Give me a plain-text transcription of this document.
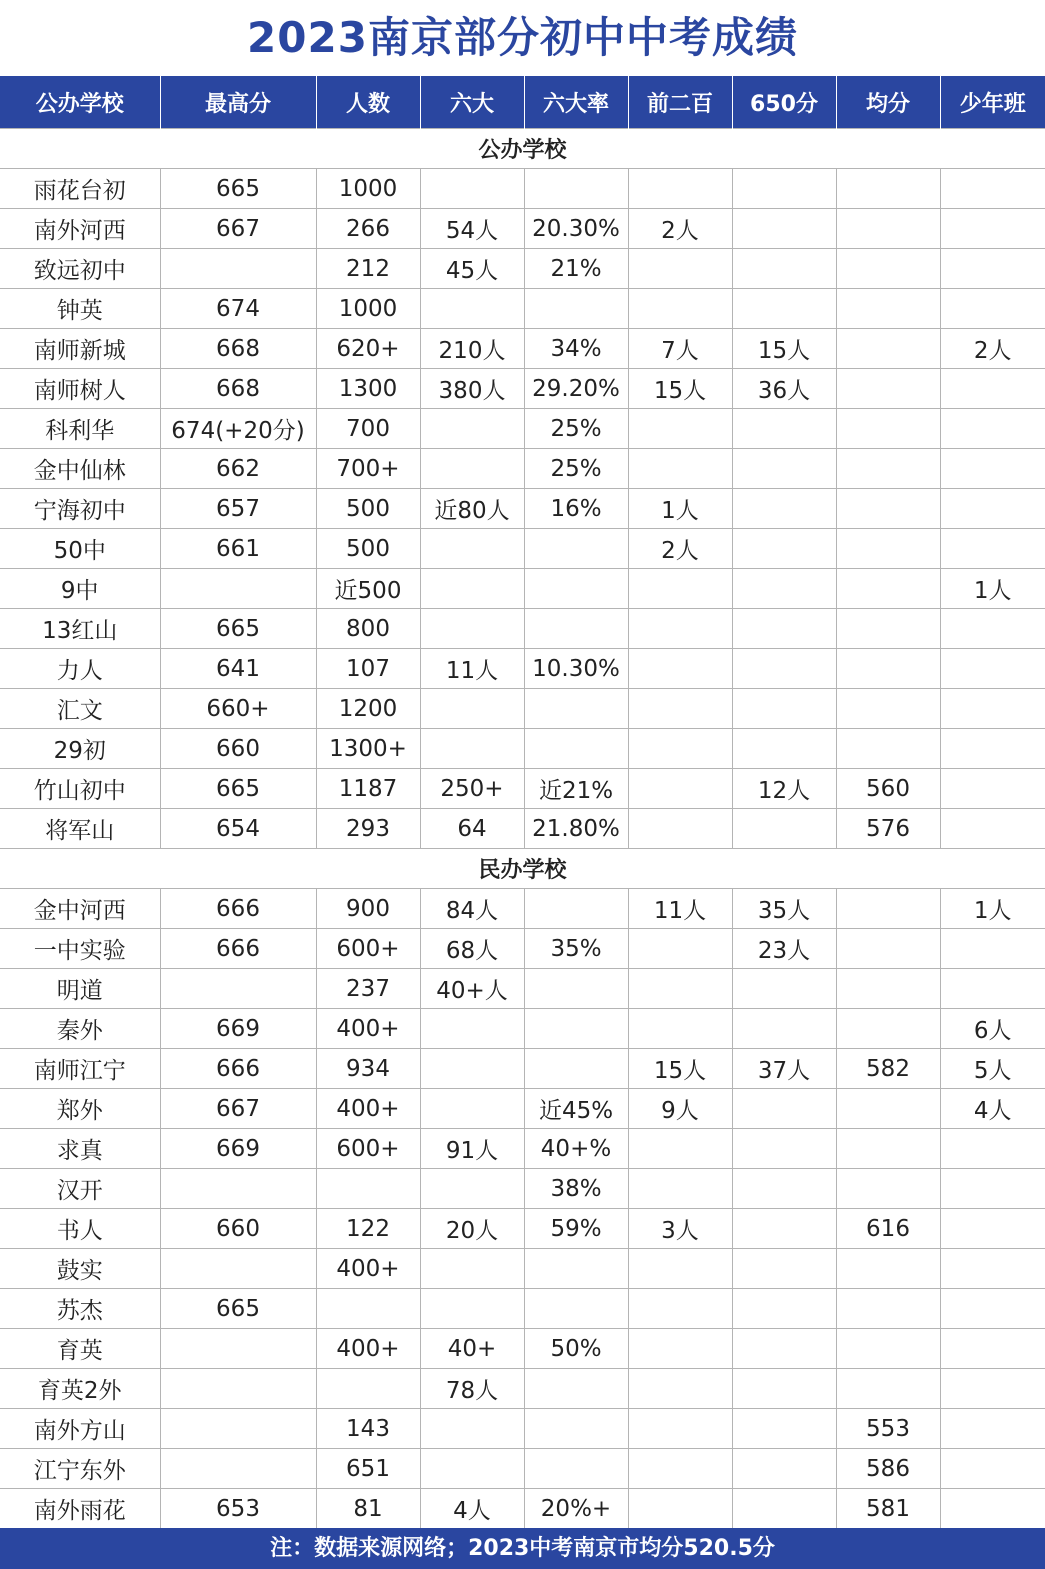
2023南京部分初中中考成绩
公办学校	最高分	人数	六大	六大率	前二百	650分	均分	少年班
公办学校								
雨花台初	665	1000						
南外河西	667	266	54人	20.30%	2人			
致远初中		212	45人	21%				
钟英	674	1000						
南师新城	668	620+	210人	34%	7人	15人		2人
南师树人	668	1300	380人	29.20%	15人	36人		
科利华	674(+20分)	700		25%				
金中仙林	662	700+		25%				
宁海初中	657	500	近80人	16%	1人			
50中	661	500			2人			
9中		近500						1人
13红山	665	800						
力人	641	107	11人	10.30%				
汇文	660+	1200						
29初	660	1300+						
竹山初中	665	1187	250+	近21%		12人	560	
将军山	654	293	64	21.80%			576	
民办学校								
金中河西	666	900	84人		11人	35人		1人
一中实验	666	600+	68人	35%		23人		
明道		237	40+人					
秦外	669	400+						6人
南师江宁	666	934			15人	37人	582	5人
郑外	667	400+		近45%	9人			4人
求真	669	600+	91人	40+%				
汉开				38%				
书人	660	122	20人	59%	3人		616	
鼓实		400+						
苏杰	665							
育英		400+	40+	50%				
育英2外			78人					
南外方山		143					553	
江宁东外		651					586	
南外雨花	653	81	4人	20%+			581	
注：数据来源网络；2023中考南京市均分520.5分
